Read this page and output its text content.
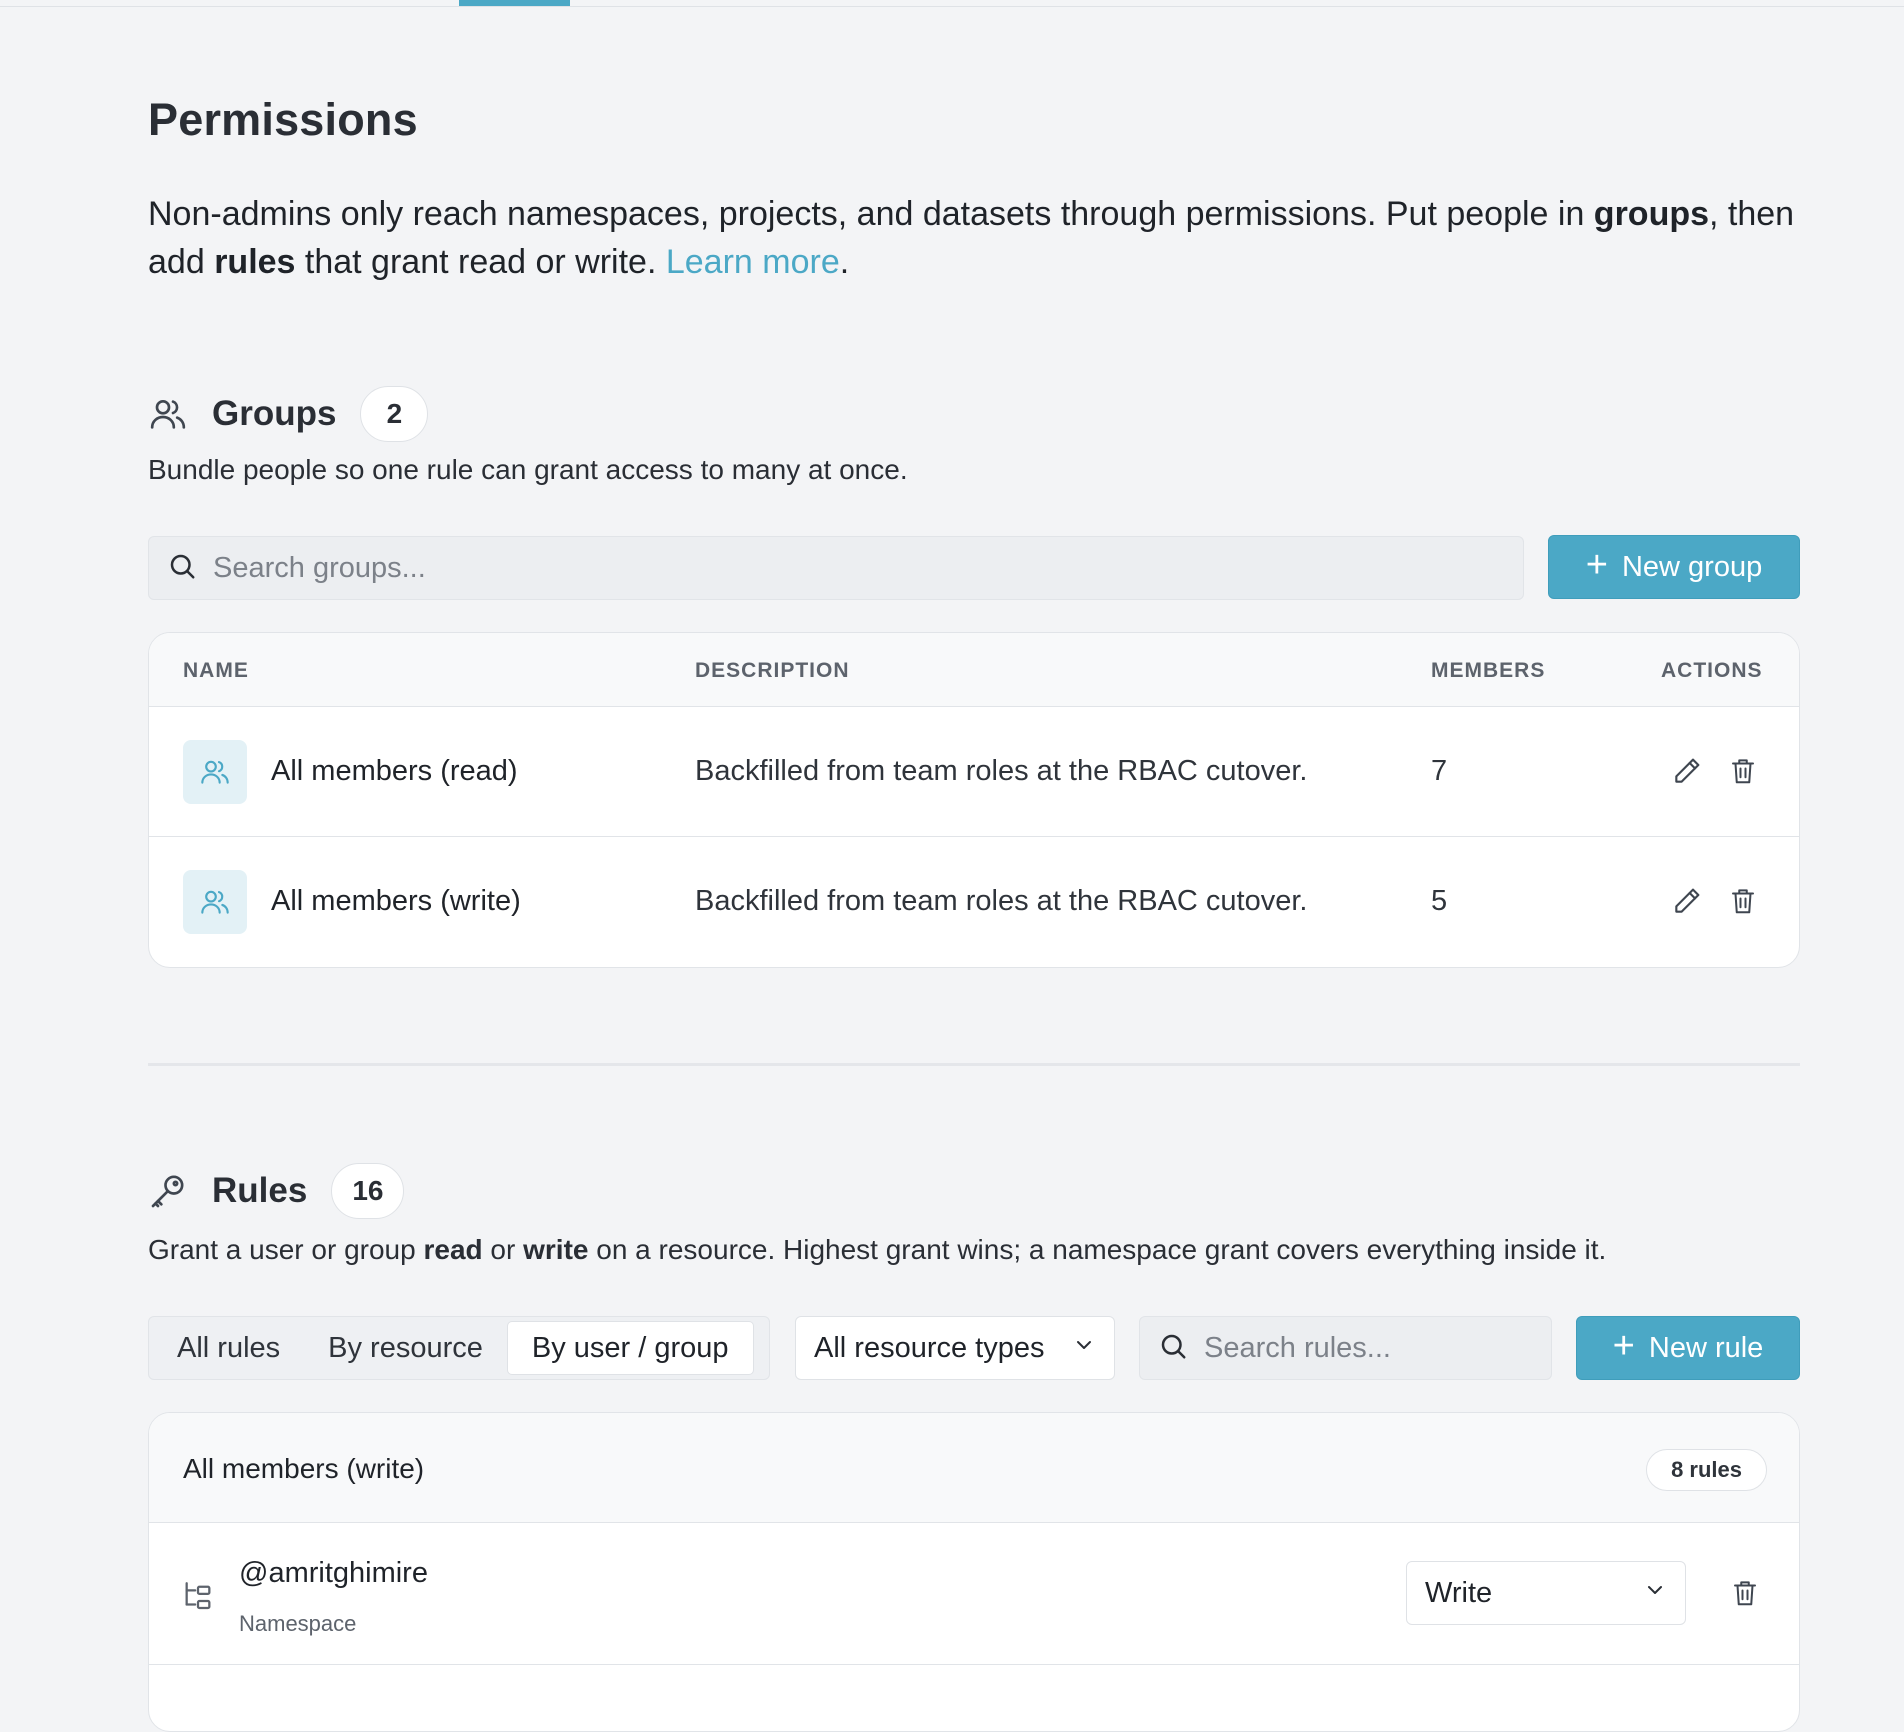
Permissions

Non-admins only reach namespaces, projects, and datasets through permissions. Put people in groups, then add rules that grant read or write. Learn more.

Groups	2

Bundle people so one rule can grant access to many at once.

Search groups...
+ New group
NAME	DESCRIPTION	MEMBERS	ACTIONS
All members (read)	Backfilled from team roles at the RBAC cutover.	7
All members (write)	Backfilled from team roles at the RBAC cutover.	5
Rules	16

Grant a user or group read or write on a resource. Highest grant wins; a namespace grant covers everything inside it.

All rules	By resource	By user / group	All resource types
Search rules...	+ New rule
All members (write)	8 rules
@amritghimire
Namespace
Write
